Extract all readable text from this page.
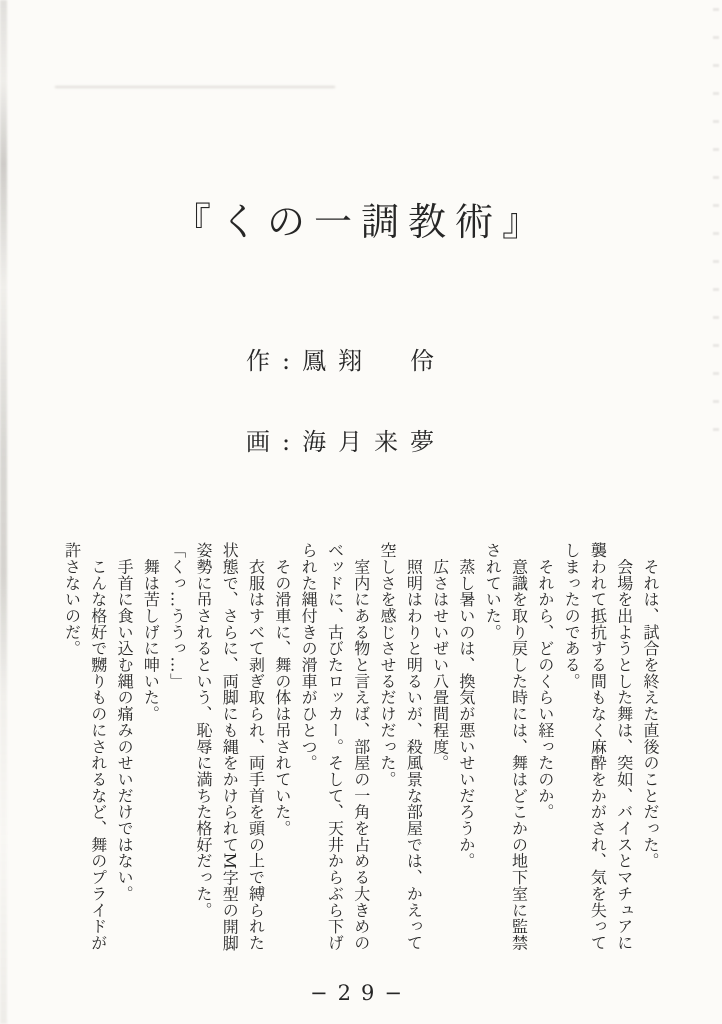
『くの一調教術』

作:鳳翔　伶

画:海月来夢

　それは、試合を終えた直後のことだった。
　会場を出ようとした舞は、突如、バイスとマチュアに
襲われて抵抗する間もなく麻酔をかがされ、気を失って
しまったのである。
　それから、どのくらい経ったのか。
　意識を取り戻した時には、舞はどこかの地下室に監禁
されていた。
　蒸し暑いのは、換気が悪いせいだろうか。
　広さはせいぜい八畳間程度。
　照明はわりと明るいが、殺風景な部屋では、かえって
空しさを感じさせるだけだった。
　室内にある物と言えば、部屋の一角を占める大きめの
ベッドに、古びたロッカー。そして、天井からぶら下げ
られた縄付きの滑車がひとつ。
　その滑車に、舞の体は吊されていた。
　衣服はすべて剥ぎ取られ、両手首を頭の上で縛られた
状態で、さらに、両脚にも縄をかけられてM字型の開脚
姿勢に吊されるという、恥辱に満ちた格好だった。
「くっ…ううっ…」
　舞は苦しげに呻いた。
　手首に食い込む縄の痛みのせいだけではない。
　こんな格好で嬲りものにされるなど、舞のプライドが
許さないのだ。
−29−
